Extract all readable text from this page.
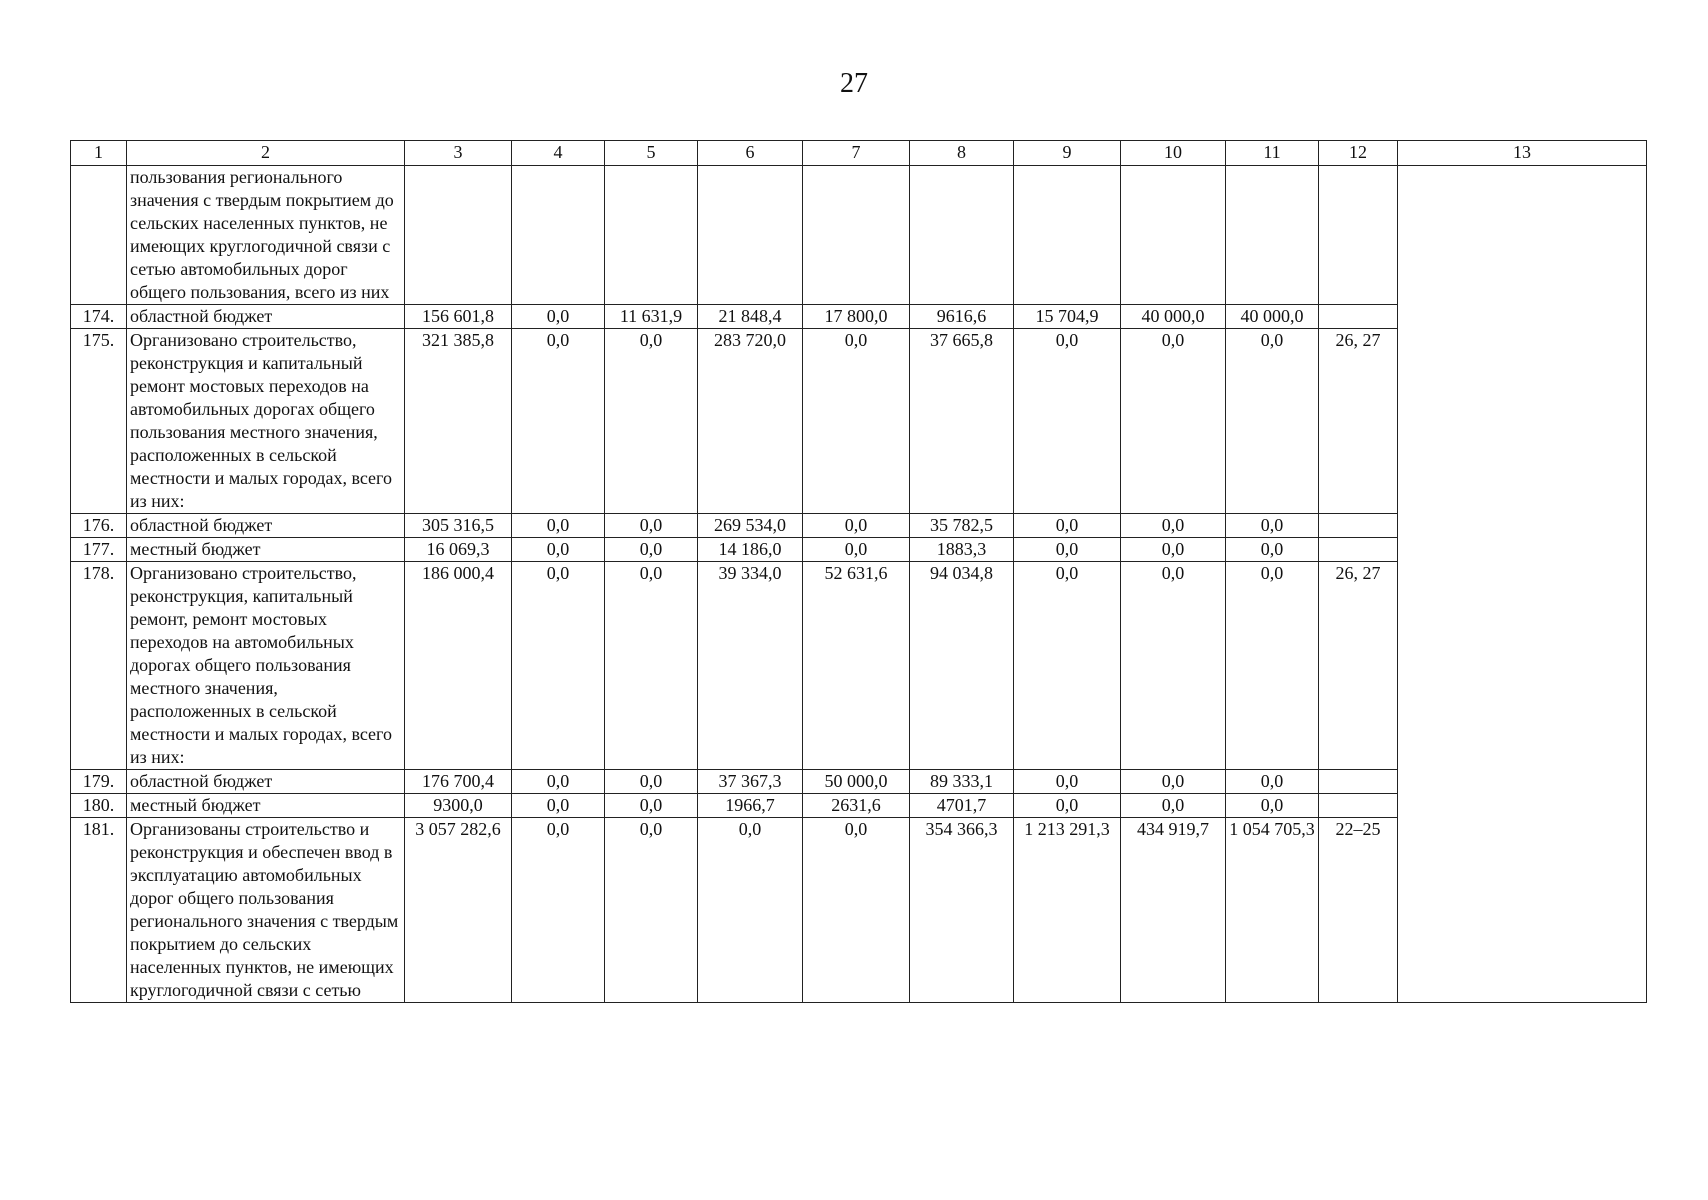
27
1	2	3	4	5	6	7	8	9	10	11	12	13
	пользования регионального значения с твердым покрытием до сельских населенных пунктов, не имеющих круглогодичной связи с сетью автомобильных дорог общего пользования, всего из них											
174.	областной бюджет	156 601,8	0,0	11 631,9	21 848,4	17 800,0	9616,6	15 704,9	40 000,0	40 000,0		
175.	Организовано строительство, реконструкция и капитальный ремонт мостовых переходов на автомобильных дорогах общего пользования местного значения, расположенных в сельской местности и малых городах, всего из них:	321 385,8	0,0	0,0	283 720,0	0,0	37 665,8	0,0	0,0	0,0	26, 27	
176.	областной бюджет	305 316,5	0,0	0,0	269 534,0	0,0	35 782,5	0,0	0,0	0,0		
177.	местный бюджет	16 069,3	0,0	0,0	14 186,0	0,0	1883,3	0,0	0,0	0,0		
178.	Организовано строительство, реконструкция, капитальный ремонт, ремонт мостовых переходов на автомобильных дорогах общего пользования местного значения, расположенных в сельской местности и малых городах, всего из них:	186 000,4	0,0	0,0	39 334,0	52 631,6	94 034,8	0,0	0,0	0,0	26, 27	
179.	областной бюджет	176 700,4	0,0	0,0	37 367,3	50 000,0	89 333,1	0,0	0,0	0,0		
180.	местный бюджет	9300,0	0,0	0,0	1966,7	2631,6	4701,7	0,0	0,0	0,0		
181.	Организованы строительство и реконструкция и обеспечен ввод в эксплуатацию автомобильных дорог общего пользования регионального значения с твердым покрытием до сельских населенных пунктов, не имеющих круглогодичной связи с сетью	3 057 282,6	0,0	0,0	0,0	0,0	354 366,3	1 213 291,3	434 919,7	1 054 705,3	22–25	
